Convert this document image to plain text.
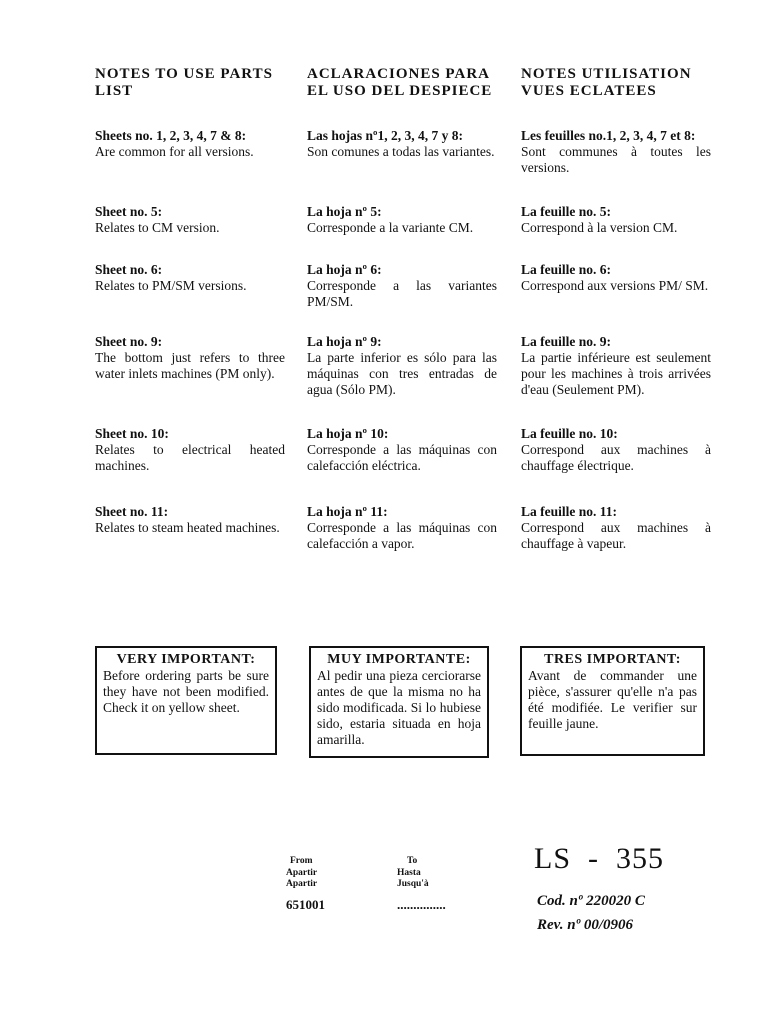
NOTES TO USE PARTS LIST
Sheets no. 1, 2, 3, 4, 7 & 8:
Are common for all versions.
Sheet no. 5:
Relates to CM version.
Sheet no. 6:
Relates to PM/SM versions.
Sheet no. 9:
The bottom just refers to three water inlets machines (PM only).
Sheet no. 10:
Relates to electrical heated machines.
Sheet no. 11:
Relates to steam heated machines.
ACLARACIONES PARA EL USO DEL DESPIECE
Las hojas nº1, 2, 3, 4, 7 y 8:
Son comunes a todas las variantes.
La hoja nº 5:
Corresponde a la variante CM.
La hoja nº 6:
Corresponde a las variantes PM/SM.
La hoja nº 9:
La parte inferior es sólo para las máquinas con tres entradas de agua (Sólo PM).
La hoja nº 10:
Corresponde a las máquinas con calefacción eléctrica.
La hoja nº 11:
Corresponde a las máquinas con calefacción a vapor.
NOTES UTILISATION VUES ECLATEES
Les feuilles no.1, 2, 3, 4, 7 et 8:
Sont communes à toutes les versions.
La feuille no. 5:
Correspond à la version CM.
La feuille no. 6:
Correspond aux versions PM/ SM.
La feuille no. 9:
La partie inférieure est seulement pour les machines à trois arrivées d'eau (Seulement PM).
La feuille no. 10:
Correspond aux machines à chauffage électrique.
La feuille no. 11:
Correspond aux machines à chauffage à vapeur.
VERY IMPORTANT:
Before ordering parts be sure they have not been modified. Check it on yellow sheet.
MUY IMPORTANTE:
Al pedir una pieza cerciorarse antes de que la misma no ha sido modificada. Si lo hubiese sido, estaria situada en hoja amarilla.
TRES IMPORTANT:
Avant de commander une pièce, s'assurer qu'elle n'a pas été modifiée. Le verifier sur feuille jaune.
From
Apartir
Apartir
651001
To
Hasta
Jusqu'à
...............
LS  -  355
Cod. nº 220020 C
Rev. nº 00/0906
